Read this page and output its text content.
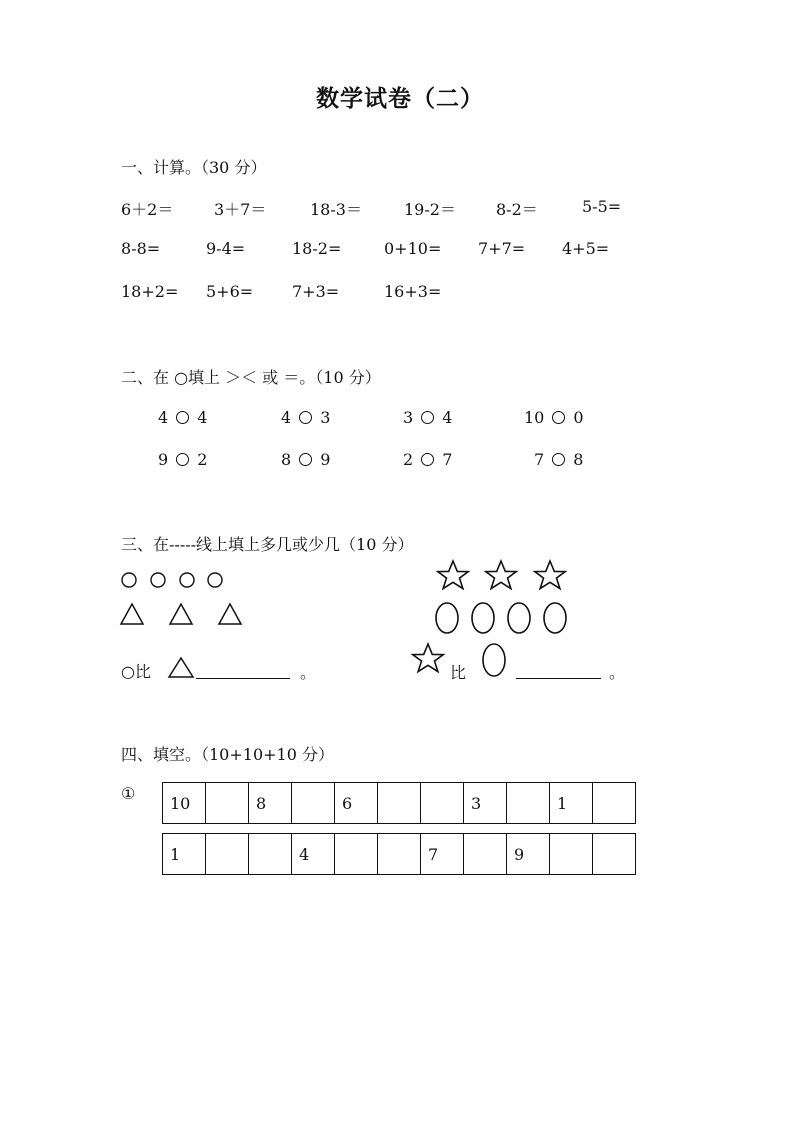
数学试卷（二）
一、计算。（30 分）
6＋2＝	3＋7＝	18-3＝	19-2＝	8-2＝	5-5=
8-8=	9-4=	18-2=	0+10= 7+7= 4+5=
18+2= 5+6= 7+3=	16+3=
二、在 ○填上 ＞＜ 或 ＝。（10 分）
4 4	4 3	3 4	10 0
9 2	8 9	2 7	7 8
三、在-----线上填上多几或少几（10 分）
○比	。	比	。
四、填空。（10+10+10 分）
① 10		8		6			3		1	
1			4			7		9		
